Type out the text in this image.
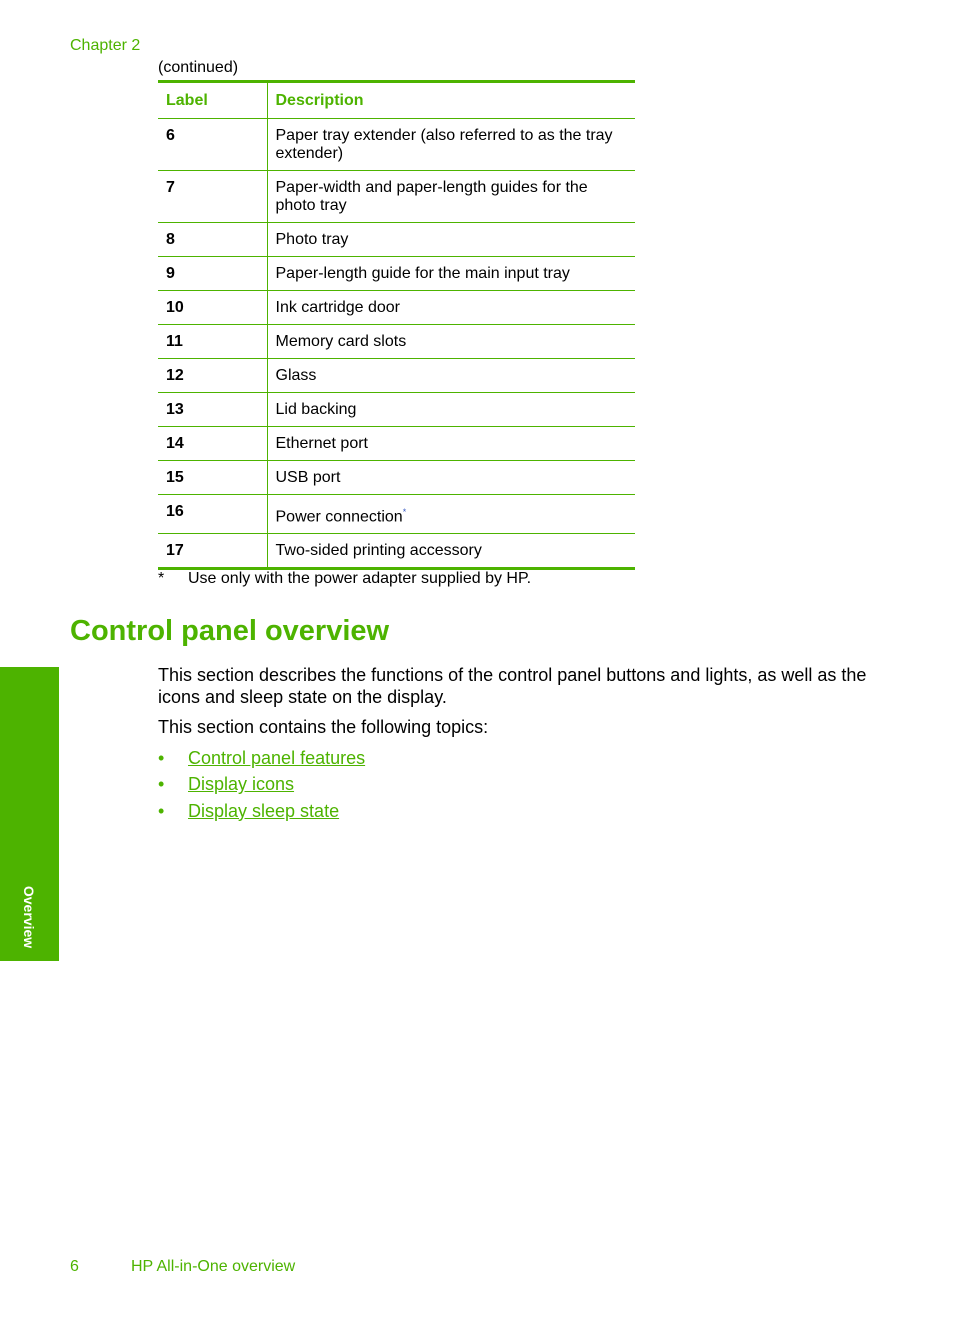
Chapter 2
(continued)
Label	Description
6	Paper tray extender (also referred to as the tray extender)
7	Paper-width and paper-length guides for the photo tray
8	Photo tray
9	Paper-length guide for the main input tray
10	Ink cartridge door
11	Memory card slots
12	Glass
13	Lid backing
14	Ethernet port
15	USB port
16	Power connection*
17	Two-sided printing accessory
* Use only with the power adapter supplied by HP.
Control panel overview
This section describes the functions of the control panel buttons and lights, as well as the icons and sleep state on the display.
This section contains the following topics:
•	Control panel features
•	Display icons
•	Display sleep state
Overview
6	HP All-in-One overview
